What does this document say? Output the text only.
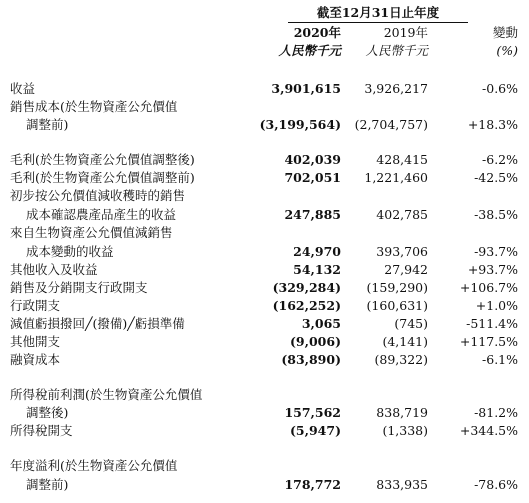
截至12月31日止年度
2020年	2019年	變動
人民幣千元 人民幣千元	(%)
收益	3,901,615 3,926,217	-0.6%
銷售成本(於生物資產公允價值
調整前)	(3,199,564) (2,704,757)	+18.3%
毛利(於生物資產公允價值調整後)	402,039	428,415	-6.2%
毛利(於生物資產公允價值調整前)	702,051 1,221,460	-42.5%
初步按公允價值減收穫時的銷售
成本確認農產品產生的收益	247,885	402,785	-38.5%
來自生物資產公允價值減銷售
成本變動的收益	24,970	393,706	-93.7%
其他收入及收益	54,132	27,942	+93.7%
銷售及分銷開支行政開支	(329,284) (159,290)	+106.7%
行政開支	(162,252) (160,631)	+1.0%
減值虧損撥回╱(撥備)╱虧損準備	3,065	(745)	-511.4%
其他開支	(9,006)	(4,141)	+117.5%
融資成本	(83,890)	(89,322)	-6.1%
所得稅前利潤(於生物資產公允價值
調整後)	157,562	838,719	-81.2%
所得稅開支	(5,947)	(1,338)	+344.5%
年度溢利(於生物資產公允價值
調整前)	178,772	833,935	-78.6%
